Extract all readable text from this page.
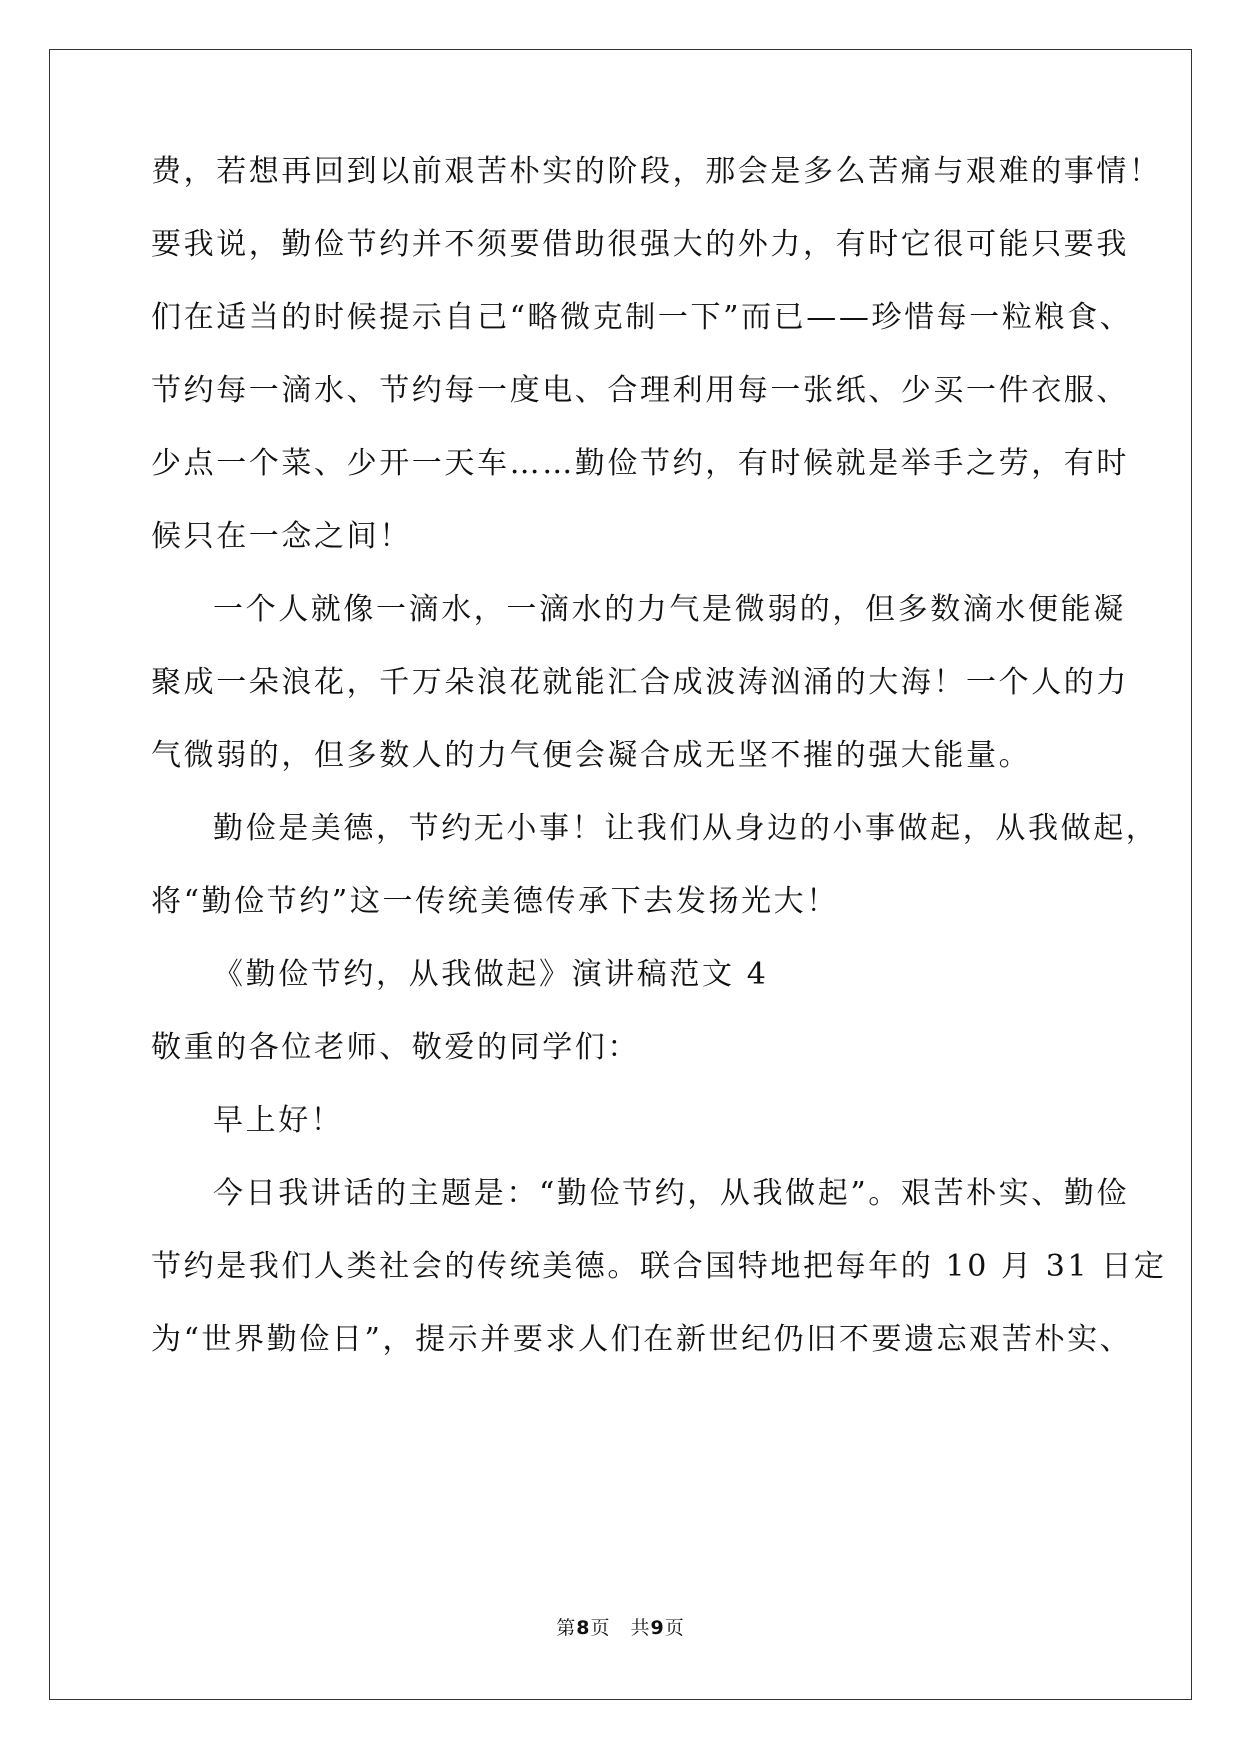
费，若想再回到以前艰苦朴实的阶段，那会是多么苦痛与艰难的事情！
要我说，勤俭节约并不须要借助很强大的外力，有时它很可能只要我
们在适当的时候提示自己“略微克制一下”而已——珍惜每一粒粮食、
节约每一滴水、节约每一度电、合理利用每一张纸、少买一件衣服、
少点一个菜、少开一天车……勤俭节约，有时候就是举手之劳，有时
候只在一念之间！
一个人就像一滴水，一滴水的力气是微弱的，但多数滴水便能凝
聚成一朵浪花，千万朵浪花就能汇合成波涛汹涌的大海！一个人的力
气微弱的，但多数人的力气便会凝合成无坚不摧的强大能量。
勤俭是美德，节约无小事！让我们从身边的小事做起，从我做起，
将“勤俭节约”这一传统美德传承下去发扬光大！
《勤俭节约，从我做起》演讲稿范文 4
敬重的各位老师、敬爱的同学们：
早上好！
今日我讲话的主题是：“勤俭节约，从我做起”。艰苦朴实、勤俭
节约是我们人类社会的传统美德。联合国特地把每年的 10 月 31 日定
为“世界勤俭日”，提示并要求人们在新世纪仍旧不要遗忘艰苦朴实、
第8页　共9页
